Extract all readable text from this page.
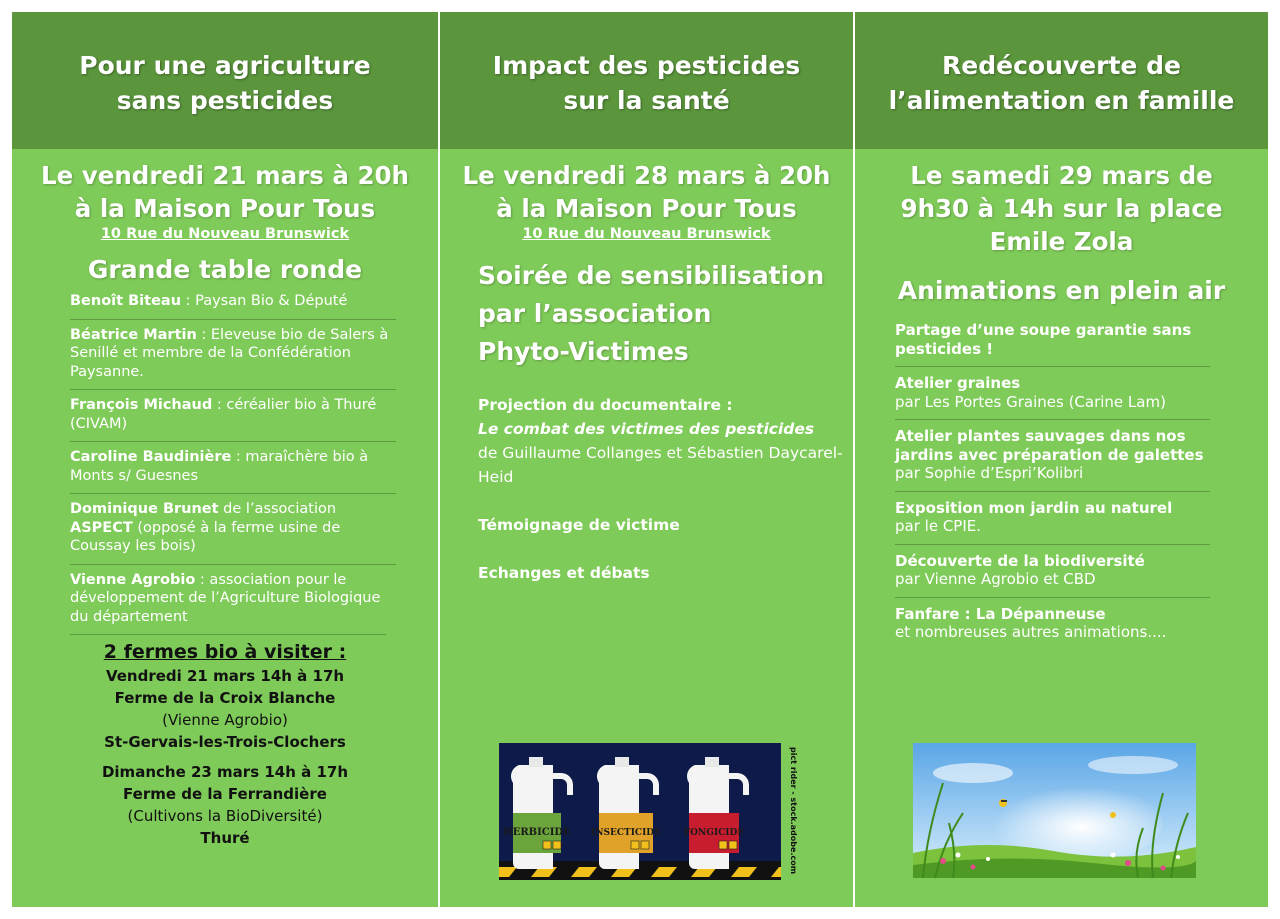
Pour une agriculture
sans pesticides
Le vendredi 21 mars à 20h
à la Maison Pour Tous
10 Rue du Nouveau Brunswick
Grande table ronde
Benoît Biteau : Paysan Bio & Député
Béatrice Martin : Eleveuse bio de Salers à Senillé et membre de la Confédération Paysanne.
François Michaud : céréalier bio à Thuré (CIVAM)
Caroline Baudinière : maraîchère bio à Monts s/ Guesnes
Dominique Brunet de l’association ASPECT (opposé à la ferme usine de Coussay les bois)
Vienne Agrobio : association pour le développement de l’Agriculture Biologique du département
2 fermes bio à visiter :
Vendredi 21 mars 14h à 17h
Ferme de la Croix Blanche
(Vienne Agrobio)
St-Gervais-les-Trois-Clochers
Dimanche 23 mars 14h à 17h
Ferme de la Ferrandière
(Cultivons la BioDiversité)
Thuré
Impact des pesticides
sur la santé
Le vendredi 28 mars à 20h
à la Maison Pour Tous
10 Rue du Nouveau Brunswick
Soirée de sensibilisation
par l’association
Phyto-Victimes
Projection du documentaire :
Le combat des victimes des pesticides
de Guillaume Collanges et Sébastien Daycarel-Heid
Témoignage de victime
Echanges et débats
HERBICIDE INSECTICIDE	FONGICIDE	pict rider - stock.adobe.com
Redécouverte de
l’alimentation en famille
Le samedi 29 mars de
9h30 à 14h sur la place
Emile Zola
Animations en plein air
Partage d’une soupe garantie sans pesticides !
Atelier graines
par Les Portes Graines (Carine Lam)
Atelier plantes sauvages dans nos jardins avec préparation de galettes
par Sophie d’Espri’Kolibri
Exposition mon jardin au naturel
par le CPIE.
Découverte de la biodiversité
par Vienne Agrobio et CBD
Fanfare : La Dépanneuse
et nombreuses autres animations....
